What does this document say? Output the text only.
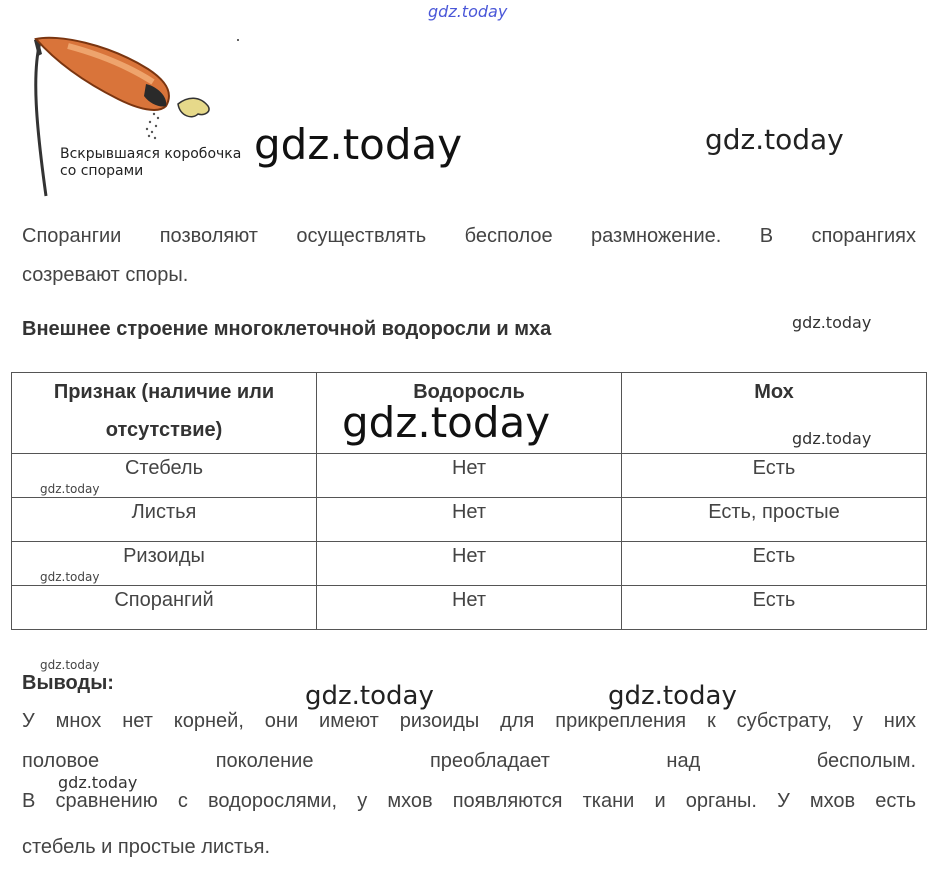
gdz.today
gdz.today	gdz.today
Вскрывшаяся коробочка
со спорами
Спорангии позволяют осуществлять бесполое размножение. В спорангиях
созревают споры.
Внешнее строение многоклеточной водоросли и мха	gdz.today
Признак (наличие или отсутствие)	Водоросль	Мох
Стебель	Нет	Есть
Листья	Нет	Есть, простые
Ризоиды	Нет	Есть
Спорангий	Нет	Есть
gdz.today	gdz.today
gdz.today
gdz.today
gdz.today
Выводы:	gdz.today	gdz.today
У мнох нет корней, они имеют ризоиды для прикрепления к субстрату, у них
половое поколение преобладает над бесполым.
gdz.today
В сравнению с водорослями, у мхов появляются ткани и органы. У мхов есть
стебель и простые листья.
